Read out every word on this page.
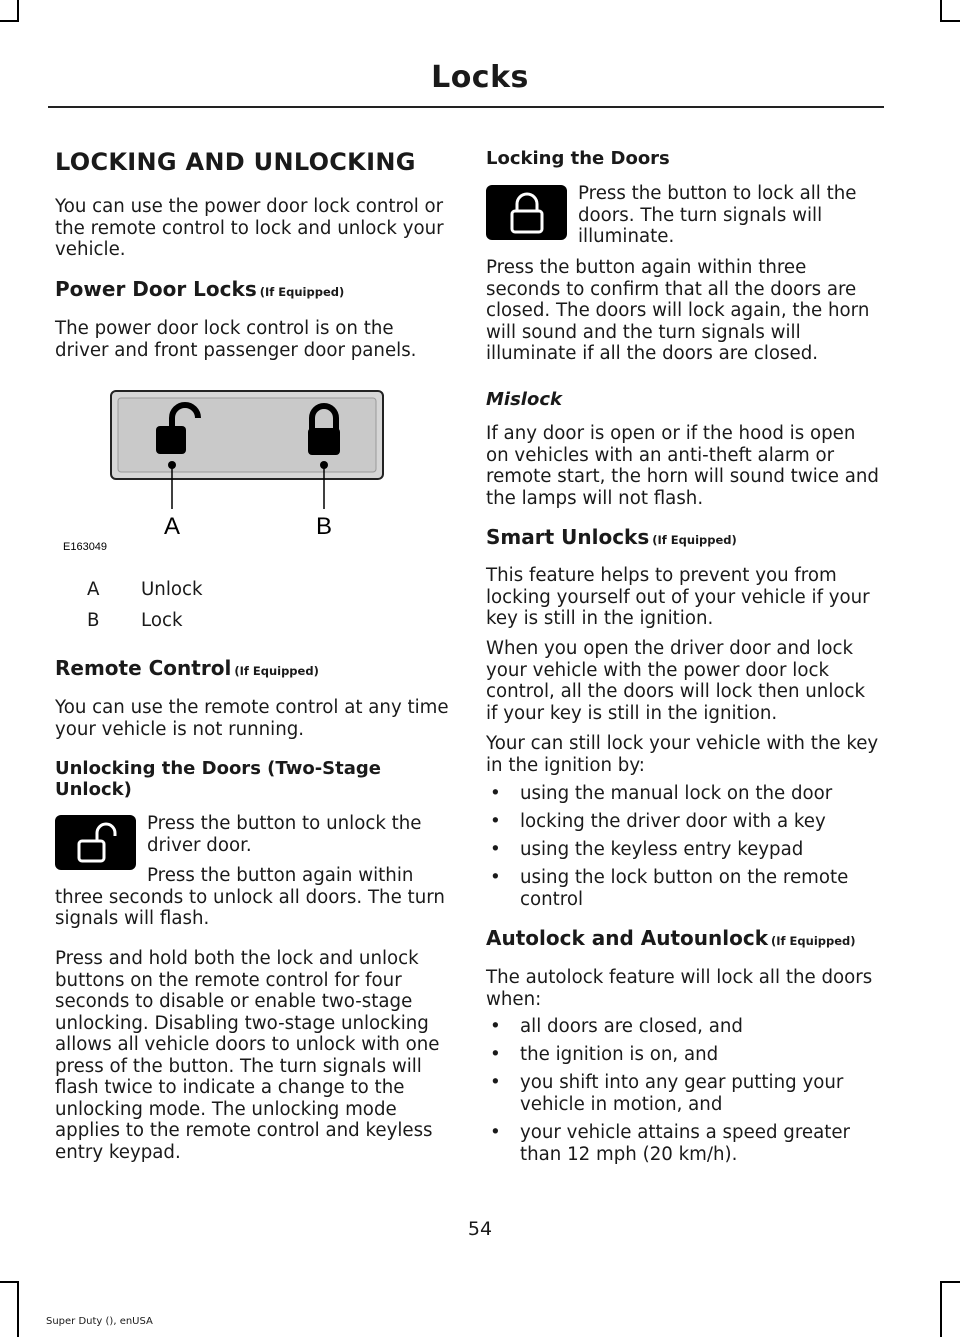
Locks
LOCKING AND UNLOCKING

You can use the power door lock control or the remote control to lock and unlock your vehicle.

Power Door Locks (If Equipped)

The power door lock control is on the driver and front passenger door panels.

A	B
E163049
A Unlock
B Lock
Remote Control (If Equipped)

You can use the remote control at any time your vehicle is not running.

Unlocking the Doors (Two-Stage Unlock)

Press the button to unlock the driver door.

Press the button again within three seconds to unlock all doors. The turn signals will flash.

Press and hold both the lock and unlock buttons on the remote control for four seconds to disable or enable two-stage unlocking. Disabling two-stage unlocking allows all vehicle doors to unlock with one press of the button. The turn signals will flash twice to indicate a change to the unlocking mode. The unlocking mode applies to the remote control and keyless entry keypad.

Locking the Doors

Press the button to lock all the doors. The turn signals will illuminate.

Press the button again within three seconds to confirm that all the doors are closed. The doors will lock again, the horn will sound and the turn signals will illuminate if all the doors are closed.

Mislock

If any door is open or if the hood is open on vehicles with an anti-theft alarm or remote start, the horn will sound twice and the lamps will not flash.

Smart Unlocks (If Equipped)

This feature helps to prevent you from locking yourself out of your vehicle if your key is still in the ignition.

When you open the driver door and lock your vehicle with the power door lock control, all the doors will lock then unlock if your key is still in the ignition.

Your can still lock your vehicle with the key in the ignition by:

• using the manual lock on the door
• locking the driver door with a key
• using the keyless entry keypad
• using the lock button on the remote control
Autolock and Autounlock (If Equipped)

The autolock feature will lock all the doors when:

• all doors are closed, and
• the ignition is on, and
• you shift into any gear putting your vehicle in motion, and
• your vehicle attains a speed greater than 12 mph (20 km/h).
54
Super Duty (), enUSA
